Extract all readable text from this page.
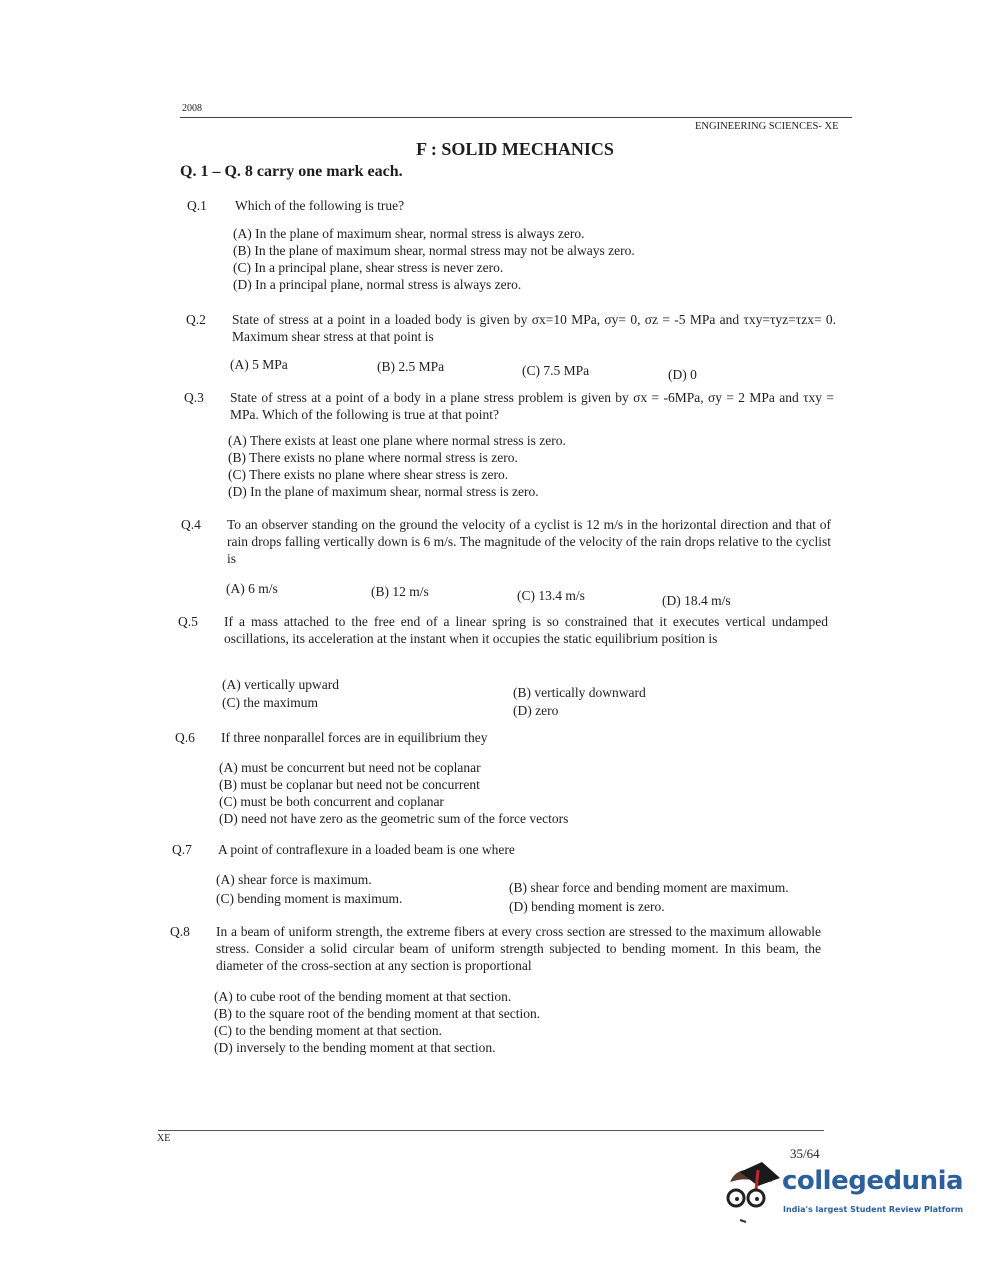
2008
ENGINEERING SCIENCES- XE
F : SOLID MECHANICS
Q. 1 – Q. 8 carry one mark each.
Q.1 Which of the following is true?
(A) In the plane of maximum shear, normal stress is always zero.
(B) In the plane of maximum shear, normal stress may not be always zero.
(C) In a principal plane, shear stress is never zero.
(D) In a principal plane, normal stress is always zero.
Q.2 State of stress at a point in a loaded body is given by σx=10 MPa, σy= 0, σz = -5 MPa and τxy=τyz=τzx= 0. Maximum shear stress at that point is
(A) 5 MPa	(B) 2.5 MPa	(C) 7.5 MPa	(D) 0
Q.3 State of stress at a point of a body in a plane stress problem is given by σx = -6MPa, σy = 2 MPa and τxy = MPa. Which of the following is true at that point?
(A) There exists at least one plane where normal stress is zero.
(B) There exists no plane where normal stress is zero.
(C) There exists no plane where shear stress is zero.
(D) In the plane of maximum shear, normal stress is zero.
Q.4 To an observer standing on the ground the velocity of a cyclist is 12 m/s in the horizontal direction and that of rain drops falling vertically down is 6 m/s. The magnitude of the velocity of the rain drops relative to the cyclist is
(A) 6 m/s	(B) 12 m/s	(C) 13.4 m/s	(D) 18.4 m/s
Q.5 If a mass attached to the free end of a linear spring is so constrained that it executes vertical undamped oscillations, its acceleration at the instant when it occupies the static equilibrium position is
(A) vertically upward
(B) vertically downward
(C) the maximum
(D) zero
Q.6 If three nonparallel forces are in equilibrium they
(A) must be concurrent but need not be coplanar
(B) must be coplanar but need not be concurrent
(C) must be both concurrent and coplanar
(D) need not have zero as the geometric sum of the force vectors
Q.7 A point of contraflexure in a loaded beam is one where
(A) shear force is maximum.
(B) shear force and bending moment are maximum.
(C) bending moment is maximum.
(D) bending moment is zero.
Q.8 In a beam of uniform strength, the extreme fibers at every cross section are stressed to the maximum allowable stress. Consider a solid circular beam of uniform strength subjected to bending moment. In this beam, the diameter of the cross-section at any section is proportional
(A) to cube root of the bending moment at that section.
(B) to the square root of the bending moment at that section.
(C) to the bending moment at that section.
(D) inversely to the bending moment at that section.
XE
35/64
collegedunia
India's largest Student Review Platform
